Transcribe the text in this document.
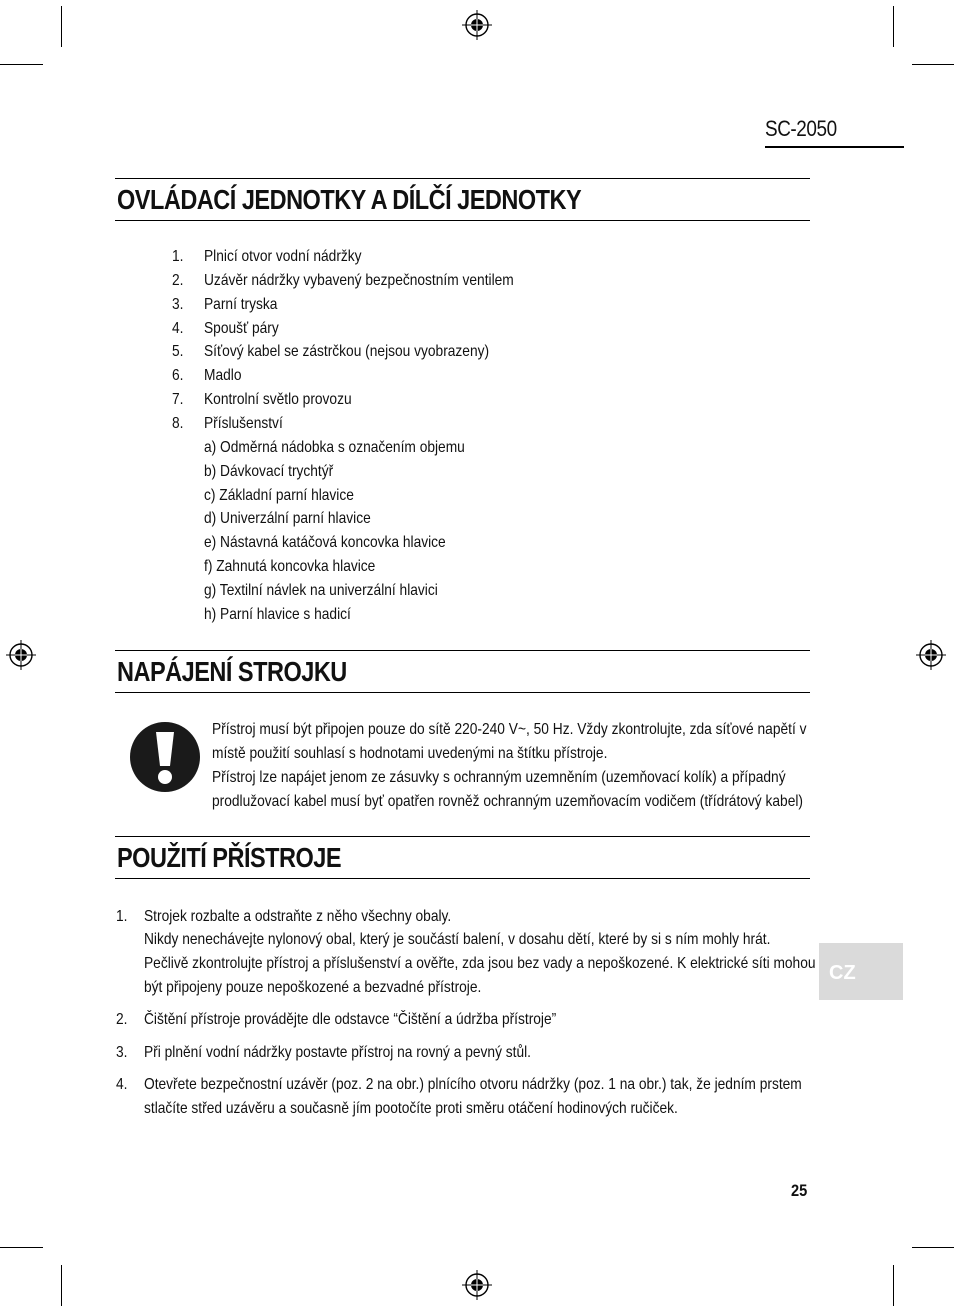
SC-2050
OVLÁDACÍ JEDNOTKY A DÍLČÍ JEDNOTKY
1. Plnicí otvor vodní nádržky
2. Uzávěr nádržky vybavený bezpečnostním ventilem
3. Parní tryska
4. Spoušť páry
5. Síťový kabel se zástrčkou (nejsou vyobrazeny)
6. Madlo
7. Kontrolní světlo provozu
8. Příslušenství
a) Odměrná nádobka s označením objemu
b) Dávkovací trychtýř
c) Základní parní hlavice
d) Univerzální parní hlavice
e) Nástavná katáčová koncovka hlavice
f) Zahnutá koncovka hlavice
g) Textilní návlek na univerzální hlavici
h) Parní hlavice s hadicí
NAPÁJENÍ STROJKU
Přístroj musí být připojen pouze do sítě 220-240 V~, 50 Hz. Vždy zkontrolujte, zda síťové napětí v
místě použití souhlasí s hodnotami uvedenými na štítku přístroje.
Přístroj lze napájet jenom ze zásuvky s ochranným uzemněním (uzemňovací kolík) a případný
prodlužovací kabel musí byť opatřen rovněž ochranným uzemňovacím vodičem (třídrátový kabel)
POUŽITÍ PŘÍSTROJE
1. Strojek rozbalte a odstraňte z něho všechny obaly.
Nikdy nenechávejte nylonový obal, který je součástí balení, v dosahu dětí, které by si s ním mohly hrát.
Pečlivě zkontrolujte přístroj a příslušenství a ověřte, zda jsou bez vady a nepoškozené. K elektrické síti mohou
být připojeny pouze nepoškozené a bezvadné přístroje.
2. Čištění přístroje provádějte dle odstavce “Čištění a údržba přístroje”
3. Při plnění vodní nádržky postavte přístroj na rovný a pevný stůl.
4. Otevřete bezpečnostní uzávěr (poz. 2 na obr.) plnícího otvoru nádržky (poz. 1 na obr.) tak, že jedním prstem
stlačíte střed uzávěru a současně jím pootočíte proti směru otáčení hodinových ručiček.
CZ
25
